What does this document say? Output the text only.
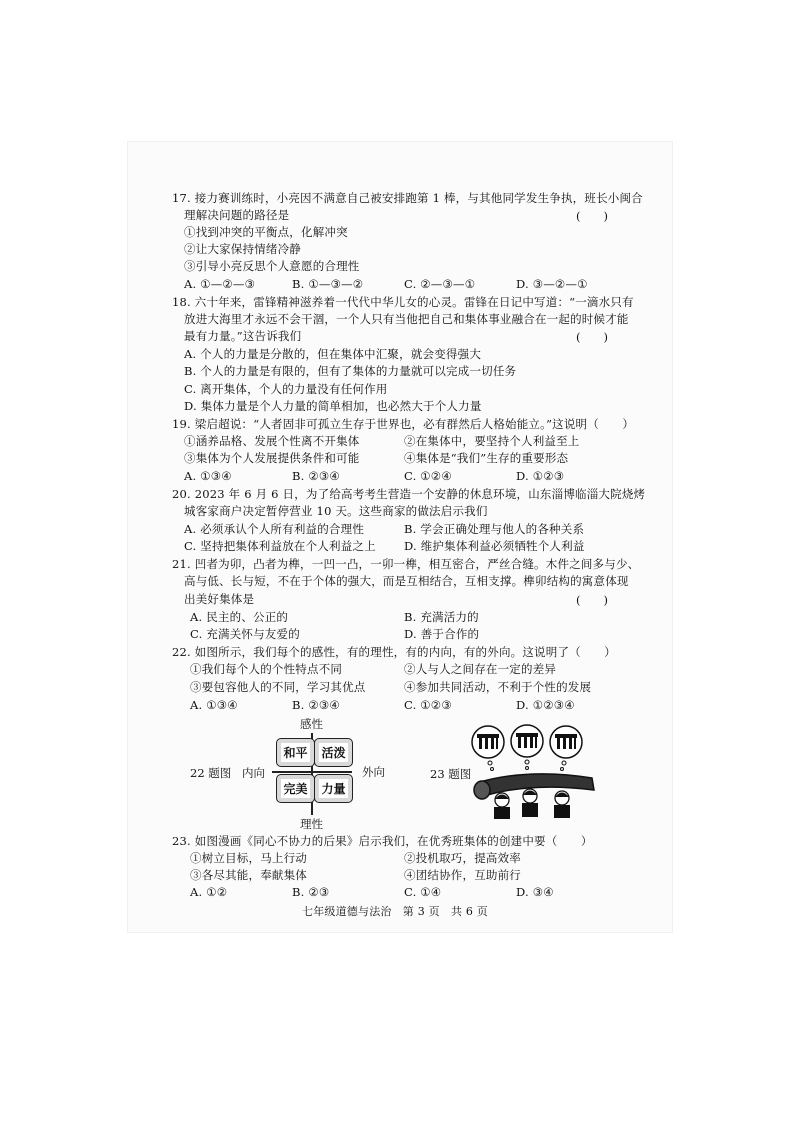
17. 接力赛训练时，小亮因不满意自己被安排跑第 1 棒，与其他同学发生争执，班长小闽合
理解决问题的路径是	(　　)
①找到冲突的平衡点，化解冲突
②让大家保持情绪冷静
③引导小亮反思个人意愿的合理性
A. ①—②—③	B. ①—③—②	C. ②—③—①	D. ③—②—①
18. 六十年来，雷锋精神滋养着一代代中华儿女的心灵。雷锋在日记中写道：“一滴水只有
放进大海里才永远不会干涸，一个人只有当他把自己和集体事业融合在一起的时候才能
最有力量。”这告诉我们	(　　)
A. 个人的力量是分散的，但在集体中汇聚，就会变得强大
B. 个人的力量是有限的，但有了集体的力量就可以完成一切任务
C. 离开集体，个人的力量没有任何作用
D. 集体力量是个人力量的简单相加，也必然大于个人力量
19. 梁启超说：“人者固非可孤立生存于世界也，必有群然后人格始能立。”这说明（　　）
①涵养品格、发展个性离不开集体	②在集体中，要坚持个人利益至上
③集体为个人发展提供条件和可能	④集体是“我们”生存的重要形态
A. ①③④	B. ②③④	C. ①②④	D. ①②③
20. 2023 年 6 月 6 日，为了给高考考生营造一个安静的休息环境，山东淄博临淄大院烧烤
城客家商户决定暂停营业 10 天。这些商家的做法启示我们
A. 必须承认个人所有利益的合理性	B. 学会正确处理与他人的各种关系
C. 坚持把集体利益放在个人利益之上 D. 维护集体利益必须牺牲个人利益
21. 凹者为卯，凸者为榫，一凹一凸，一卯一榫，相互密合，严丝合缝。木件之间多与少、
高与低、长与短，不在于个体的强大，而是互相结合，互相支撑。榫卯结构的寓意体现
出美好集体是	(　　)
A. 民主的、公正的	B. 充满活力的
C. 充满关怀与友爱的	D. 善于合作的
22. 如图所示，我们每个的感性，有的理性，有的内向，有的外向。这说明了（　　）
①我们每个人的个性特点不同	②人与人之间存在一定的差异
③要包容他人的不同，学习其优点	④参加共同活动，不利于个性的发展
A. ①③④	B. ②③④	C. ①②③	D. ①②③④
22 题图
感性
理性
内向	外向
和平 活泼
完美 力量
23 题图
23. 如图漫画《同心不协力的后果》启示我们，在优秀班集体的创建中要（　　）
①树立目标，马上行动	②投机取巧，提高效率
③各尽其能，奉献集体	④团结协作，互助前行
A. ①②	B. ②③	C. ①④	D. ③④
七年级道德与法治　第 3 页　共 6 页
